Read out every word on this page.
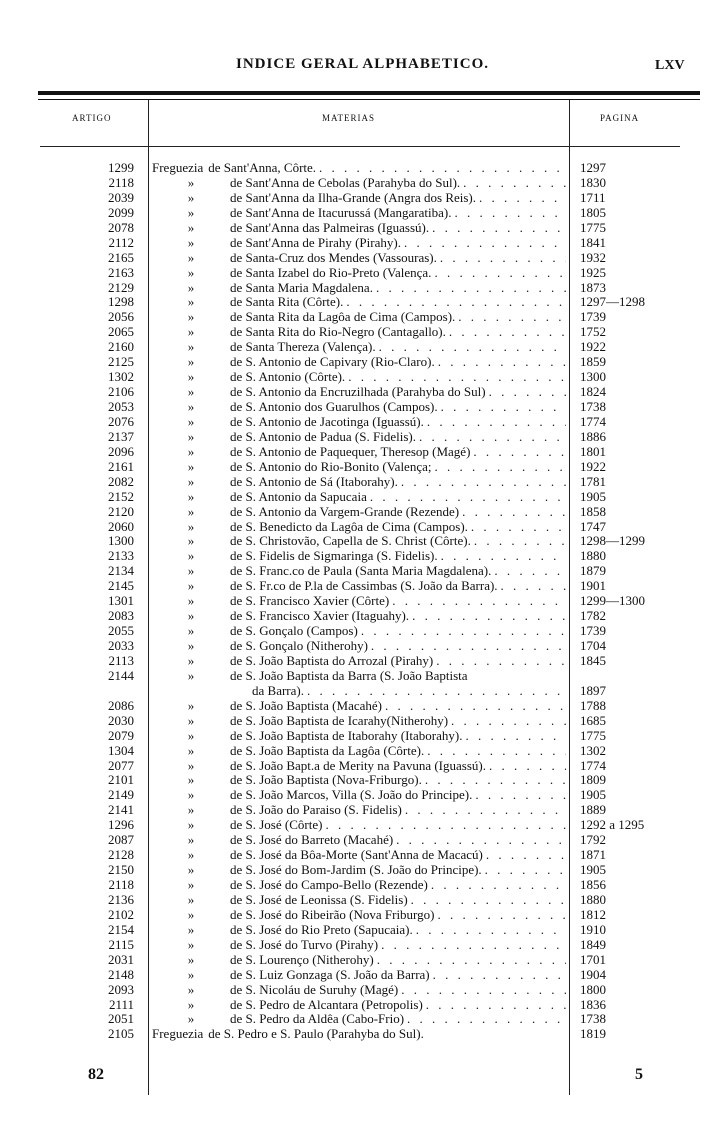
INDICE GERAL ALPHABETICO.	LXV
ARTIGO	MATERIAS	PAGINA
1299 Freguezia de Sant'Anna, Côrte. . . .	1297
2118	»	de Sant'Anna de Cebolas (Parahyba do Sul). . . .	1830
2039	»	de Sant'Anna da Ilha-Grande (Angra dos Reis). . . .	1711
2099	»	de Sant'Anna de Itacurussá (Mangaratiba). . . .	1805
2078	»	de Sant'Anna das Palmeiras (Iguassú). . . .	1775
2112	»	de Sant'Anna de Pirahy (Pirahy). . . .	1841
2165	»	de Santa-Cruz dos Mendes (Vassouras). . . .	1932
2163	»	de Santa Izabel do Rio-Preto (Valença. . . .	1925
2129	»	de Santa Maria Magdalena. . . .	1873
1298	»	de Santa Rita (Côrte). . . .	1297—1298
2056	»	de Santa Rita da Lagôa de Cima (Campos). . . .	1739
2065	»	de Santa Rita do Rio-Negro (Cantagallo). . . .	1752
2160	»	de Santa Thereza (Valença). . . .	1922
2125	»	de S. Antonio de Capivary (Rio-Claro). . . .	1859
1302	»	de S. Antonio (Côrte). . . .	1300
2106	»	de S. Antonio da Encruzilhada (Parahyba do Sul) . . .	1824
2053	»	de S. Antonio dos Guarulhos (Campos). . . .	1738
2076	»	de S. Antonio de Jacotinga (Iguassú). . . .	1774
2137	»	de S. Antonio de Padua (S. Fidelis). . . .	1886
2096	»	de S. Antonio de Paquequer, Theresop (Magé) . . .	1801
2161	»	de S. Antonio do Rio-Bonito (Valença; . . .	1922
2082	»	de S. Antonio de Sá (Itaborahy). . . .	1781
2152	»	de S. Antonio da Sapucaia . . .	1905
2120	»	de S. Antonio da Vargem-Grande (Rezende) . . .	1858
2060	»	de S. Benedicto da Lagôa de Cima (Campos). . . .	1747
1300	»	de S. Christovão, Capella de S. Christ (Côrte). . . .	1298—1299
2133	»	de S. Fidelis de Sigmaringa (S. Fidelis). . . .	1880
2134	»	de S. Franc.co de Paula (Santa Maria Magdalena). . . .	1879
2145	»	de S. Fr.co de P.la de Cassimbas (S. João da Barra). . . .	1901
1301	»	de S. Francisco Xavier (Côrte) . . .	1299—1300
2083	»	de S. Francisco Xavier (Itaguahy). . . .	1782
2055	»	de S. Gonçalo (Campos) . . .	1739
2033	»	de S. Gonçalo (Nitherohy) . . .	1704
2113	»	de S. João Baptista do Arrozal (Pirahy) . . .	1845
2144	»	de S. João Baptista da Barra (S. João Baptista
da Barra). . . .	1897
2086	»	de S. João Baptista (Macahé) . . .	1788
2030	»	de S. João Baptista de Icarahy(Nitherohy) . . .	1685
2079	»	de S. João Baptista de Itaborahy (Itaborahy). . . .	1775
1304	»	de S. João Baptista da Lagôa (Côrte). . . .	1302
2077	»	de S. João Bapt.a de Merity na Pavuna (Iguassú). . . .	1774
2101	»	de S. João Baptista (Nova-Friburgo). . . .	1809
2149	»	de S. João Marcos, Villa (S. João do Principe). . . .	1905
2141	»	de S. João do Paraiso (S. Fidelis) . . .	1889
1296	»	de S. José (Côrte) . . .	1292 a 1295
2087	»	de S. José do Barreto (Macahé) . . .	1792
2128	»	de S. José da Bôa-Morte (Sant'Anna de Macacú) . . .	1871
2150	»	de S. José do Bom-Jardim (S. João do Principe). . . .	1905
2118	»	de S. José do Campo-Bello (Rezende) . . .	1856
2136	»	de S. José de Leonissa (S. Fidelis) . . .	1880
2102	»	de S. José do Ribeirão (Nova Friburgo) . . .	1812
2154	»	de S. José do Rio Preto (Sapucaia). . . .	1910
2115	»	de S. José do Turvo (Pirahy) . . .	1849
2031	»	de S. Lourenço (Nitherohy) . . .	1701
2148	»	de S. Luiz Gonzaga (S. João da Barra) . . .	1904
2093	»	de S. Nicoláu de Suruhy (Magé) . . .	1800
2111	»	de S. Pedro de Alcantara (Petropolis) . . .	1836
2051	»	de S. Pedro da Aldêa (Cabo-Frio) . . .	1738
2105 Freguezia de S. Pedro e S. Paulo (Parahyba do Sul).	1819
82	5
